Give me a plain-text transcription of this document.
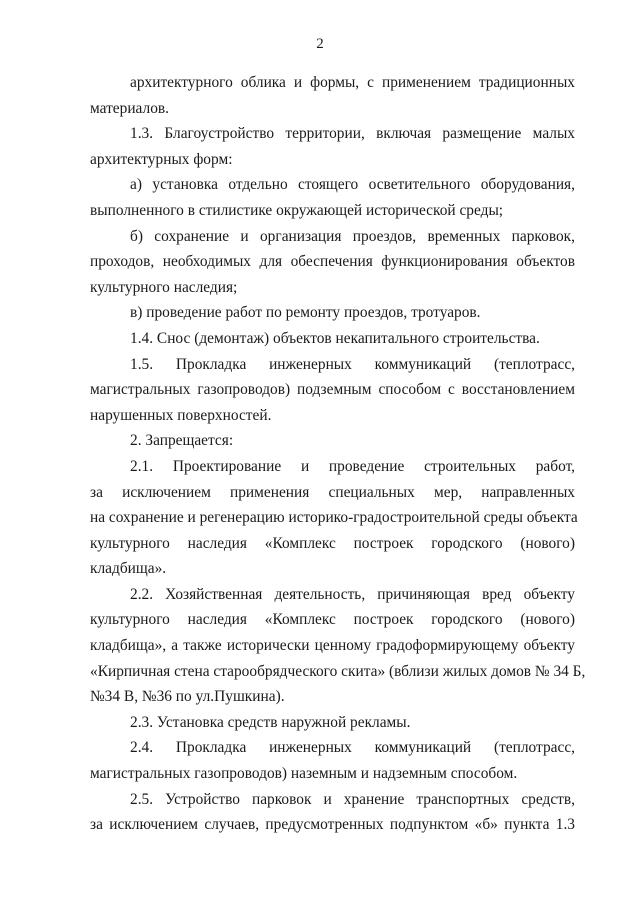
2
архитектурного облика и формы, с применением традиционных
материалов.
1.3. Благоустройство территории, включая размещение малых
архитектурных форм:
а) установка отдельно стоящего осветительного оборудования,
выполненного в стилистике окружающей исторической среды;
б) сохранение и организация проездов, временных парковок,
проходов, необходимых для обеспечения функционирования объектов
культурного наследия;
в) проведение работ по ремонту проездов, тротуаров.
1.4. Снос (демонтаж) объектов некапитального строительства.
1.5. Прокладка инженерных коммуникаций (теплотрасс,
магистральных газопроводов) подземным способом с восстановлением
нарушенных поверхностей.
2. Запрещается:
2.1. Проектирование и проведение строительных работ,
за исключением применения специальных мер, направленных
на сохранение и регенерацию историко-градостроительной среды объекта
культурного наследия «Комплекс построек городского (нового)
кладбища».
2.2. Хозяйственная деятельность, причиняющая вред объекту
культурного наследия «Комплекс построек городского (нового)
кладбища», а также исторически ценному градоформирующему объекту
«Кирпичная стена старообрядческого скита» (вблизи жилых домов № 34 Б,
№34 В, №36 по ул.Пушкина).
2.3. Установка средств наружной рекламы.
2.4. Прокладка инженерных коммуникаций (теплотрасс,
магистральных газопроводов) наземным и надземным способом.
2.5. Устройство парковок и хранение транспортных средств,
за исключением случаев, предусмотренных подпунктом «б» пункта 1.3
